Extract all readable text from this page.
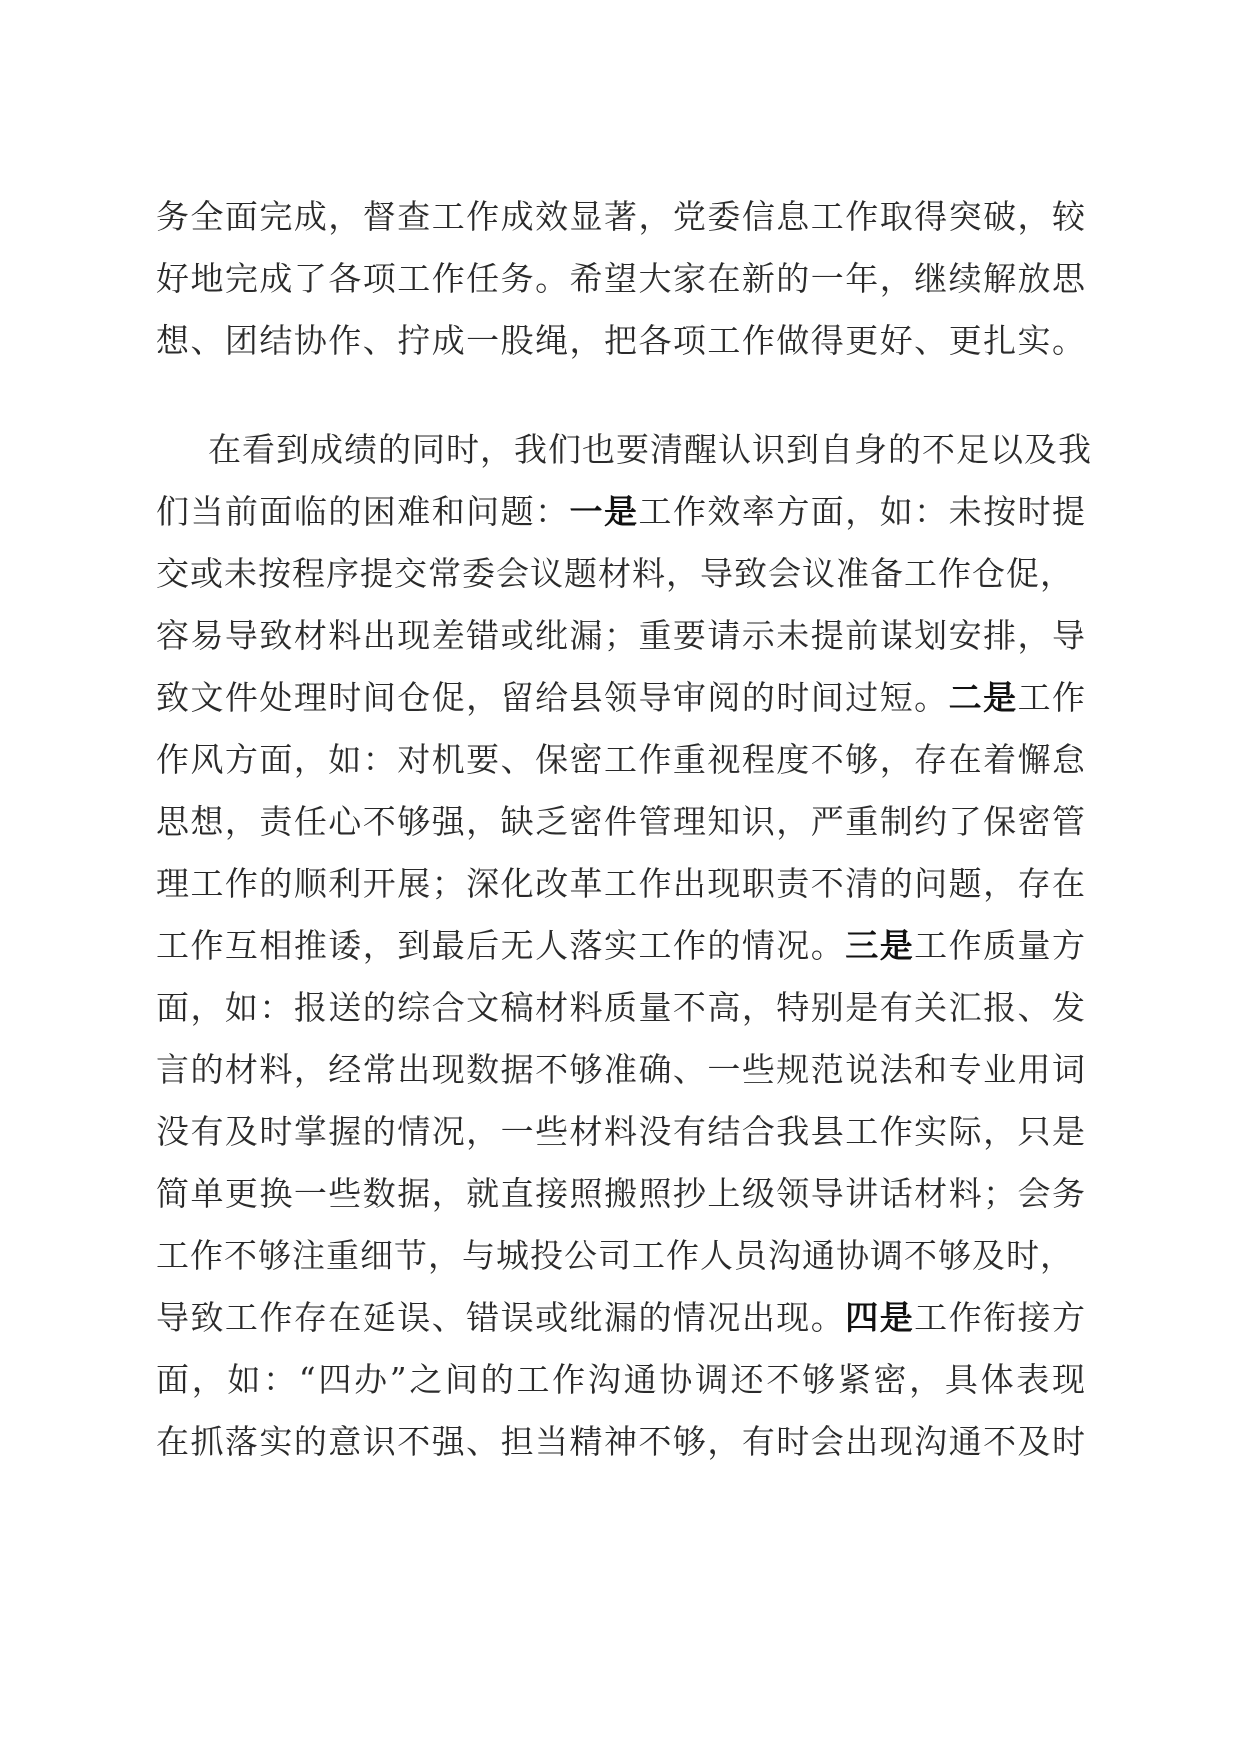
务全面完成，督查工作成效显著，党委信息工作取得突破，较
好地完成了各项工作任务。希望大家在新的一年，继续解放思
想、团结协作、拧成一股绳，把各项工作做得更好、更扎实。
在看到成绩的同时，我们也要清醒认识到自身的不足以及我
们当前面临的困难和问题：一是工作效率方面，如：未按时提
交或未按程序提交常委会议题材料，导致会议准备工作仓促，
容易导致材料出现差错或纰漏；重要请示未提前谋划安排，导
致文件处理时间仓促，留给县领导审阅的时间过短。二是工作
作风方面，如：对机要、保密工作重视程度不够，存在着懈怠
思想，责任心不够强，缺乏密件管理知识，严重制约了保密管
理工作的顺利开展；深化改革工作出现职责不清的问题，存在
工作互相推诿，到最后无人落实工作的情况。三是工作质量方
面，如：报送的综合文稿材料质量不高，特别是有关汇报、发
言的材料，经常出现数据不够准确、一些规范说法和专业用词
没有及时掌握的情况，一些材料没有结合我县工作实际，只是
简单更换一些数据，就直接照搬照抄上级领导讲话材料；会务
工作不够注重细节，与城投公司工作人员沟通协调不够及时，
导致工作存在延误、错误或纰漏的情况出现。四是工作衔接方
面，如：“四办”之间的工作沟通协调还不够紧密，具体表现
在抓落实的意识不强、担当精神不够，有时会出现沟通不及时
